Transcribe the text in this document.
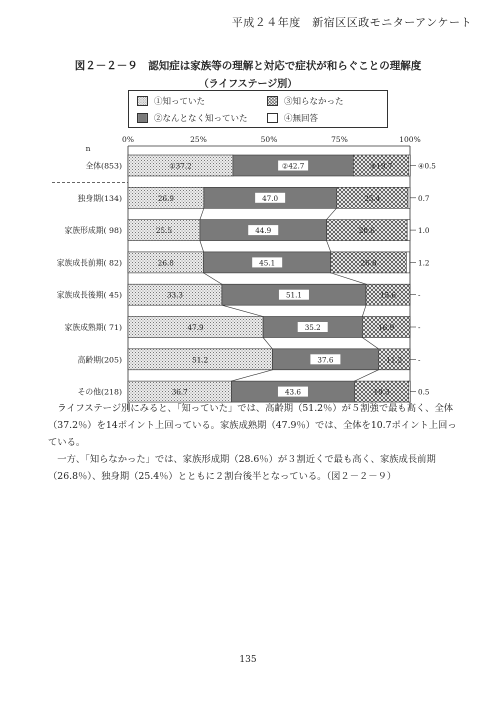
平成２４年度　新宿区区政モニターアンケート
図２－２－９　認知症は家族等の理解と対応で症状が和らぐことの理解度
（ライフステージ別）
①知っていた	③知らなかった
②なんとなく知っていた	④無回答
0%	25%	50%	75%	100%
n
全体(853)	①37.2	②42.7	③19.7	④0.5
独身期(134)	26.9	47.0	25.4	0.7
家族形成期( 98)	25.5	44.9	28.6	1.0
家族成長前期( 82)	26.8	45.1	26.8	1.2
家族成長後期( 45)	33.3	51.1	15.6	-
家族成熟期( 71)	47.9	35.2	16.9	-
高齢期(205)	51.2	37.6	11.2 -
その他(218)	36.7	43.6	19.3	0.5
ライフステージ別にみると、「知っていた」では、高齢期（51.2％）が５割強で最も高く、全体（37.2％）を14ポイント上回っている。家族成熟期（47.9％）では、全体を10.7ポイント上回っている。
一方、「知らなかった」では、家族形成期（28.6％）が３割近くで最も高く、家族成長前期（26.8％）、独身期（25.4％）とともに２割台後半となっている。（図２－２－９）
135
